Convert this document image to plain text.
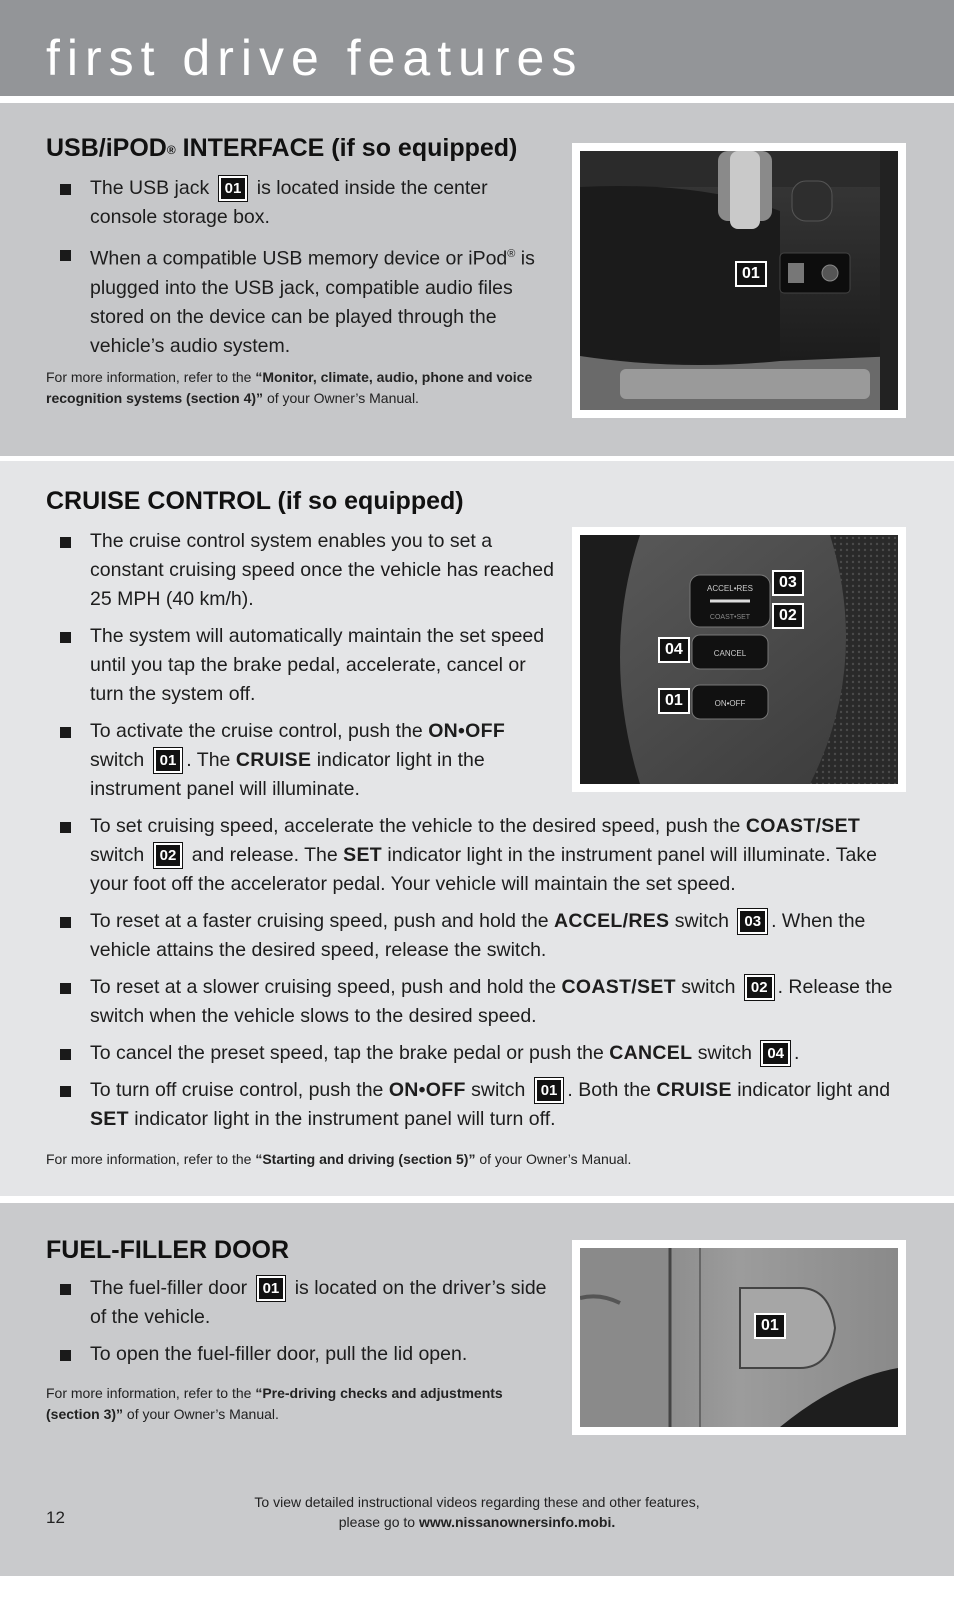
first drive features
USB/iPOD® INTERFACE (if so equipped)
The USB jack 01 is located inside the center console storage box.
When a compatible USB memory device or iPod® is plugged into the USB jack, compatible audio files stored on the device can be played through the vehicle’s audio system.

For more information, refer to the “Monitor, climate, audio, phone and voice recognition systems (section 4)” of your Owner’s Manual.

01
CRUISE CONTROL (if so equipped)
The cruise control system enables you to set a constant cruising speed once the vehicle has reached 25 MPH (40 km/h).
The system will automatically maintain the set speed until you tap the brake pedal, accelerate, cancel or turn the system off.
To activate the cruise control, push the ON•OFF switch 01 . The CRUISE indicator light in the instrument panel will illuminate.
To set cruising speed, accelerate the vehicle to the desired speed, push the COAST/SET switch 02 and release. The SET indicator light in the instrument panel will illuminate. Take your foot off the accelerator pedal. Your vehicle will maintain the set speed.
To reset at a faster cruising speed, push and hold the ACCEL/RES switch 03 . When the vehicle attains the desired speed, release the switch.
To reset at a slower cruising speed, push and hold the COAST/SET switch 02 . Release the switch when the vehicle slows to the desired speed.
To cancel the preset speed, tap the brake pedal or push the CANCEL switch 04 .
To turn off cruise control, push the ON•OFF switch 01 . Both the CRUISE indicator light and SET indicator light in the instrument panel will turn off.

For more information, refer to the “Starting and driving (section 5)” of your Owner’s Manual.

ACCEL•RES
COAST•SET
CANCEL
ON•OFF
03
02
04
01
FUEL-FILLER DOOR
The fuel-filler door 01 is located on the driver’s side of the vehicle.
To open the fuel-filler door, pull the lid open.

For more information, refer to the “Pre-driving checks and adjustments (section 3)” of your Owner’s Manual.

01
To view detailed instructional videos regarding these and other features,
please go to www.nissanownersinfo.mobi.
12
